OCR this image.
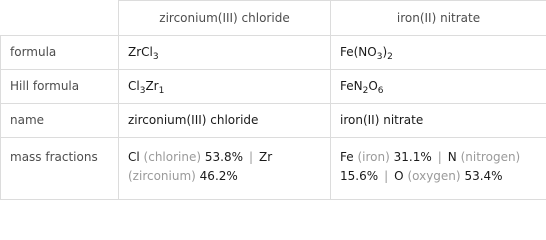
	zirconium(III) chloride	iron(II) nitrate
formula	ZrCl$_3$	$Fe(NO_3)_2$
Hill formula	$Cl_3Zr_1$	$FeN_2O_6$
name	zirconium(III) chloride	iron(II) nitrate
mass fractions	Cl (chlorine) 53.8% | Zr (zirconium) 46.2%	Fe (iron) 31.1% | N (nitrogen) 15.6% | O (oxygen) 53.4%
